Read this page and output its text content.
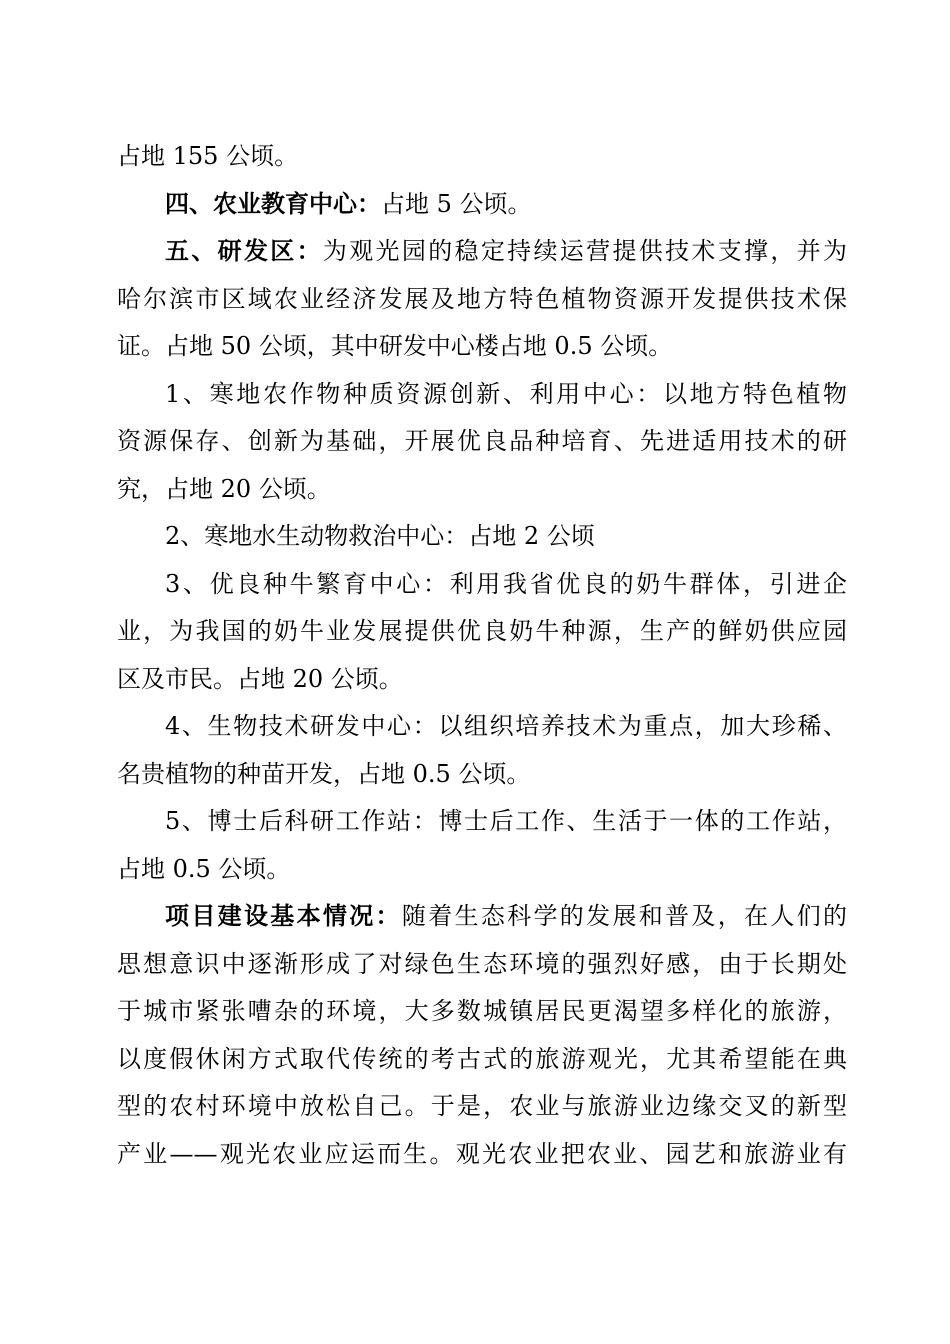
占地 155 公顷。
四、农业教育中心：占地 5 公顷。
五、研发区：为观光园的稳定持续运营提供技术支撑，并为
哈尔滨市区域农业经济发展及地方特色植物资源开发提供技术保
证。占地 50 公顷，其中研发中心楼占地 0.5 公顷。
1、寒地农作物种质资源创新、利用中心：以地方特色植物
资源保存、创新为基础，开展优良品种培育、先进适用技术的研
究，占地 20 公顷。
2、寒地水生动物救治中心：占地 2 公顷
3、优良种牛繁育中心：利用我省优良的奶牛群体，引进企
业，为我国的奶牛业发展提供优良奶牛种源，生产的鲜奶供应园
区及市民。占地 20 公顷。
4、生物技术研发中心：以组织培养技术为重点，加大珍稀、
名贵植物的种苗开发，占地 0.5 公顷。
5、博士后科研工作站：博士后工作、生活于一体的工作站，
占地 0.5 公顷。
项目建设基本情况：随着生态科学的发展和普及，在人们的
思想意识中逐渐形成了对绿色生态环境的强烈好感，由于长期处
于城市紧张嘈杂的环境，大多数城镇居民更渴望多样化的旅游，
以度假休闲方式取代传统的考古式的旅游观光，尤其希望能在典
型的农村环境中放松自己。于是，农业与旅游业边缘交叉的新型
产业——观光农业应运而生。观光农业把农业、园艺和旅游业有
